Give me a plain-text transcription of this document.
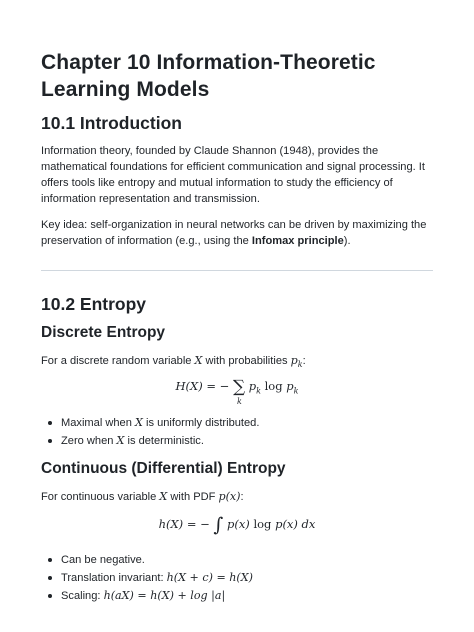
Chapter 10 Information-Theoretic Learning Models
10.1 Introduction

Information theory, founded by Claude Shannon (1948), provides the mathematical foundations for efficient communication and signal processing. It offers tools like entropy and mutual information to study the efficiency of information representation and transmission.

Key idea: self-organization in neural networks can be driven by maximizing the preservation of information (e.g., using the Infomax principle).

10.2 Entropy
Discrete Entropy

For a discrete random variable X with probabilities $p_k$:

H(X) = − ∑
k
$p_k$ $\log p_k$
Maximal when X is uniformly distributed.
Zero when X is deterministic.
Continuous (Differential) Entropy

For continuous variable X with PDF p(x):

h(X) = − ∫ p(x) log p(x) dx
Can be negative.
Translation invariant: h(X + c) = h(X)
Scaling: h(aX) = h(X) + log |a|
